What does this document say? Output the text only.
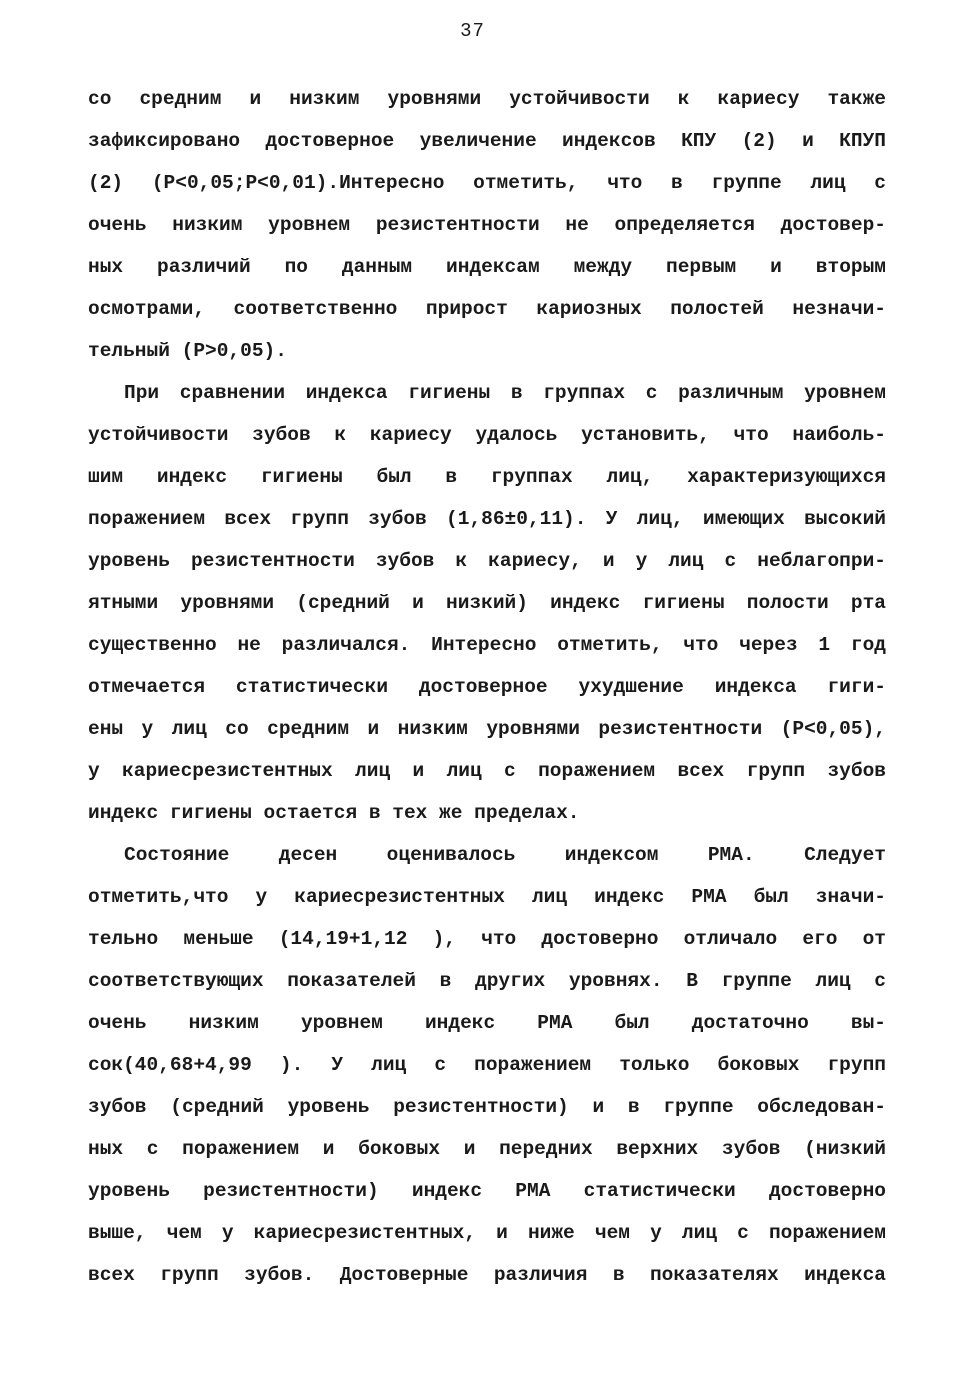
37
со средним и низким уровнями устойчивости к кариесу также
зафиксировано достоверное увеличение индексов КПУ (2) и КПУП
(2) (Р<0,05;Р<0,01).Интересно отметить, что в группе лиц с
очень низким уровнем резистентности не определяется достовер-
ных различий по данным индексам между первым и вторым
осмотрами, соответственно прирост кариозных полостей незначи-
тельный (Р>0,05).
При сравнении индекса гигиены в группах с различным уровнем
устойчивости зубов к кариесу удалось установить, что наиболь-
шим индекс гигиены был в группах лиц, характеризующихся
поражением всех групп зубов (1,86±0,11). У лиц, имеющих высокий
уровень резистентности зубов к кариесу, и у лиц с неблагопри-
ятными уровнями (средний и низкий) индекс гигиены полости рта
существенно не различался. Интересно отметить, что через 1 год
отмечается статистически достоверное ухудшение индекса гиги-
ены у лиц со средним и низким уровнями резистентности (Р<0,05),
у кариесрезистентных лиц и лиц с поражением всех групп зубов
индекс гигиены остается в тех же пределах.
Состояние десен оценивалось индексом РМА. Следует
отметить,что у кариесрезистентных лиц индекс РМА был значи-
тельно меньше (14,19+1,12 ), что достоверно отличало его от
соответствующих показателей в других уровнях. В группе лиц с
очень низким уровнем индекс РМА был достаточно вы-
сок(40,68+4,99 ). У лиц с поражением только боковых групп
зубов (средний уровень резистентности) и в группе обследован-
ных с поражением и боковых и передних верхних зубов (низкий
уровень резистентности) индекс РМА статистически достоверно
выше, чем у кариесрезистентных, и ниже чем у лиц с поражением
всех групп зубов. Достоверные различия в показателях индекса
